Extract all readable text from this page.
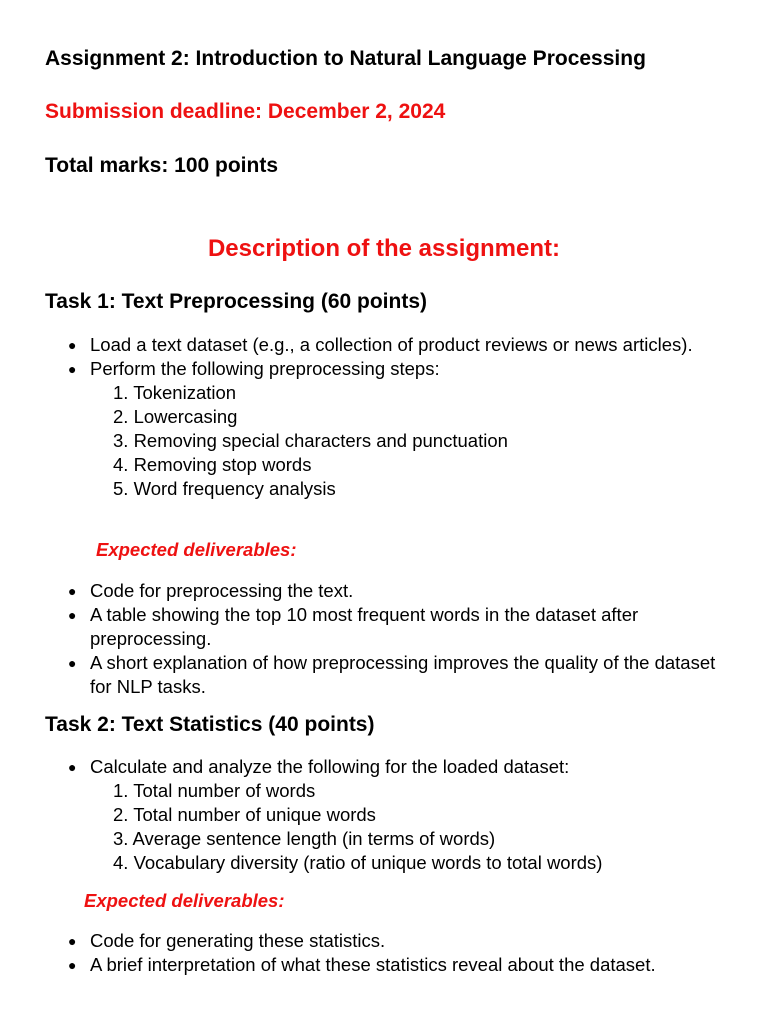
Assignment 2: Introduction to Natural Language Processing
Submission deadline: December 2, 2024
Total marks: 100 points
Description of the assignment:
Task 1: Text Preprocessing (60 points)
● Load a text dataset (e.g., a collection of product reviews or news articles).
● Perform the following preprocessing steps:
1. Tokenization
2. Lowercasing
3. Removing special characters and punctuation
4. Removing stop words
5. Word frequency analysis
Expected deliverables:
● Code for preprocessing the text.
● A table showing the top 10 most frequent words in the dataset after preprocessing.
● A short explanation of how preprocessing improves the quality of the dataset for NLP tasks.
Task 2: Text Statistics (40 points)
● Calculate and analyze the following for the loaded dataset:
1. Total number of words
2. Total number of unique words
3. Average sentence length (in terms of words)
4. Vocabulary diversity (ratio of unique words to total words)
Expected deliverables:
● Code for generating these statistics.
● A brief interpretation of what these statistics reveal about the dataset.
